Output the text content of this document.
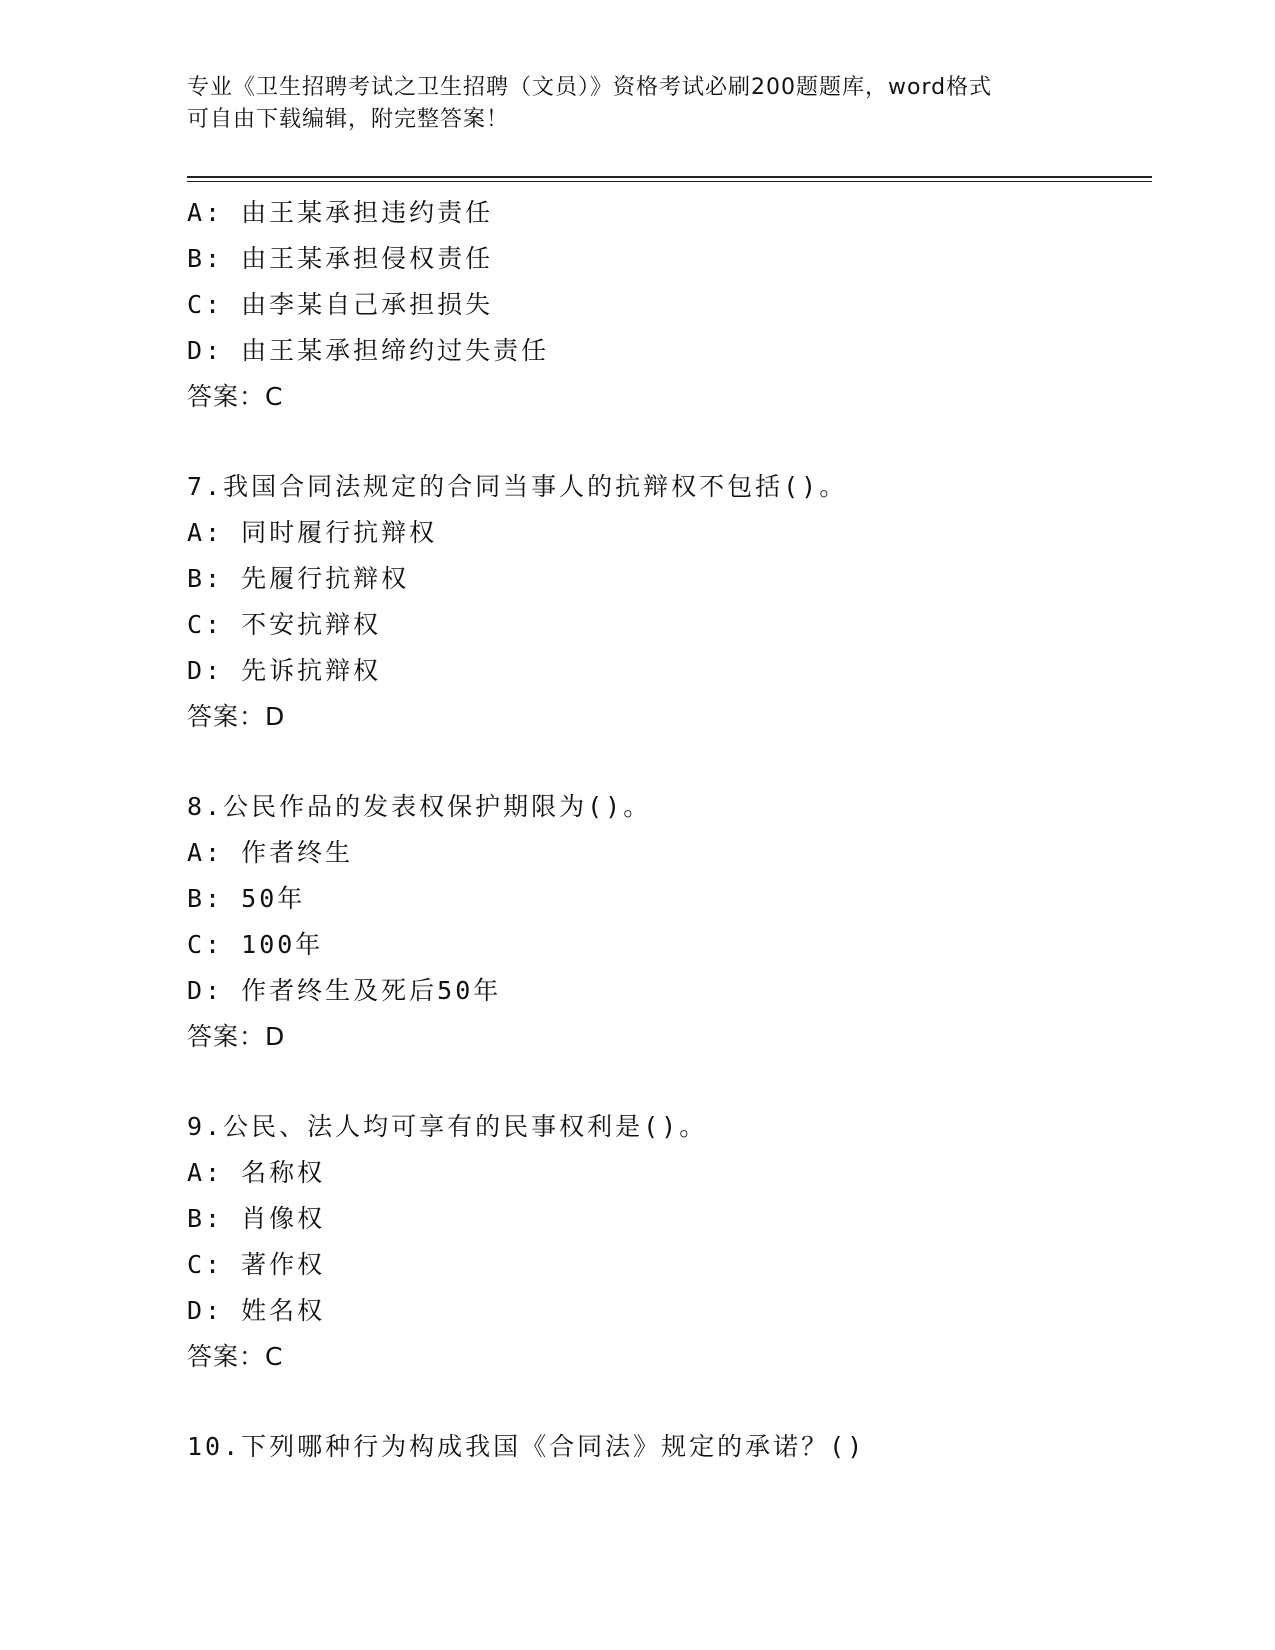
专业《卫生招聘考试之卫生招聘（文员）》资格考试必刷200题题库，word格式
可自由下载编辑，附完整答案！
A: 由王某承担违约责任
B: 由王某承担侵权责任
C: 由李某自己承担损失
D: 由王某承担缔约过失责任
答案：C
7.我国合同法规定的合同当事人的抗辩权不包括()。
A: 同时履行抗辩权
B: 先履行抗辩权
C: 不安抗辩权
D: 先诉抗辩权
答案：D
8.公民作品的发表权保护期限为()。
A: 作者终生
B: 50年
C: 100年
D: 作者终生及死后50年
答案：D
9.公民、法人均可享有的民事权利是()。
A: 名称权
B: 肖像权
C: 著作权
D: 姓名权
答案：C
10.下列哪种行为构成我国《合同法》规定的承诺？()
